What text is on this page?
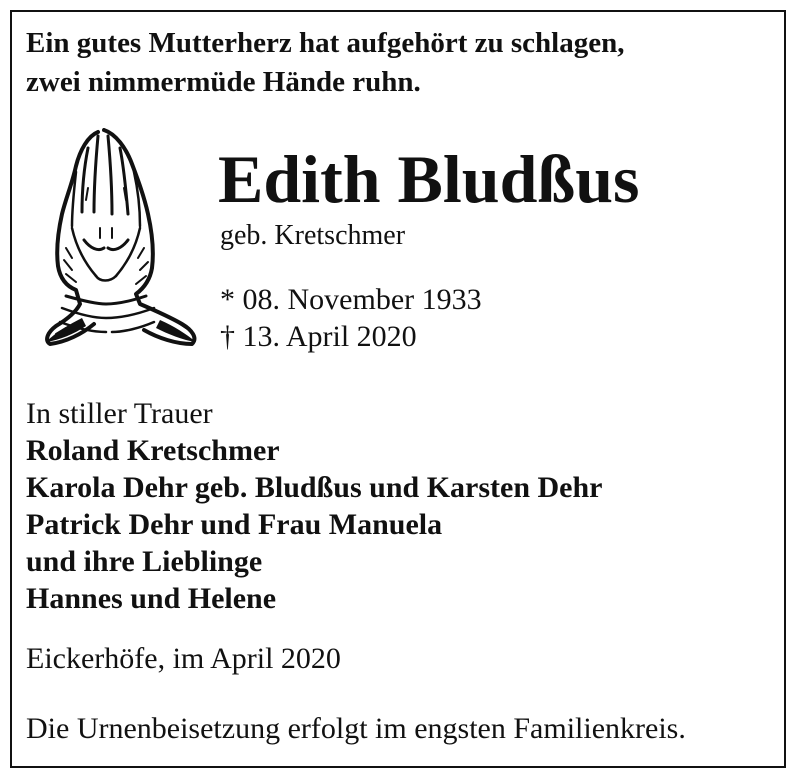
Ein gutes Mutterherz hat aufgehört zu schlagen,
zwei nimmermüde Hände ruhn.
Edith Bludßus
geb. Kretschmer
* 08. November 1933
† 13. April 2020
In stiller Trauer
Roland Kretschmer
Karola Dehr geb. Bludßus und Karsten Dehr
Patrick Dehr und Frau Manuela
und ihre Lieblinge
Hannes und Helene
Eickerhöfe, im April 2020
Die Urnenbeisetzung erfolgt im engsten Familienkreis.
